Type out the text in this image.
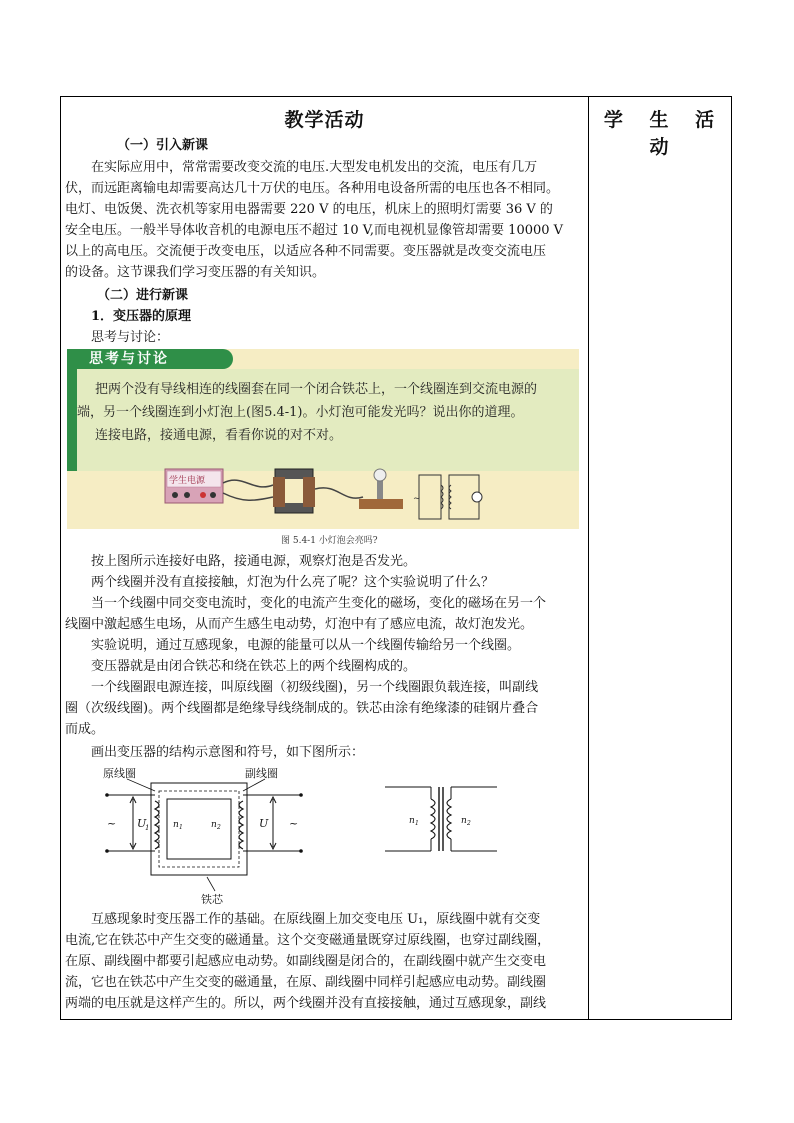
教学活动
（一）引入新课
在实际应用中，常常需要改变交流的电压.大型发电机发出的交流，电压有几万
伏，而远距离输电却需要高达几十万伏的电压。各种用电设备所需的电压也各不相同。
电灯、电饭煲、洗衣机等家用电器需要 220 V 的电压，机床上的照明灯需要 36 V 的
安全电压。一般半导体收音机的电源电压不超过 10 V,而电视机显像管却需要 10000 V
以上的高电压。交流便于改变电压，以适应各种不同需要。变压器就是改变交流电压
的设备。这节课我们学习变压器的有关知识。
（二）进行新课
1．变压器的原理
思考与讨论：
思考与讨论
把两个没有导线相连的线圈套在同一个闭合铁芯上，一个线圈连到交流电源的
端，另一个线圈连到小灯泡上(图5.4-1)。小灯泡可能发光吗？说出你的道理。
连接电路，接通电源，看看你说的对不对。
学生电源
~
图 5.4-1 小灯泡会亮吗?
按上图所示连接好电路，接通电源，观察灯泡是否发光。
两个线圈并没有直接接触，灯泡为什么亮了呢？这个实验说明了什么？
当一个线圈中同交变电流时，变化的电流产生变化的磁场，变化的磁场在另一个
线圈中激起感生电场，从而产生感生电动势，灯泡中有了感应电流，故灯泡发光。
实验说明，通过互感现象，电源的能量可以从一个线圈传输给另一个线圈。
变压器就是由闭合铁芯和绕在铁芯上的两个线圈构成的。
一个线圈跟电源连接，叫原线圈（初级线圈)，另一个线圈跟负载连接，叫副线
圈（次级线圈)。两个线圈都是绝缘导线绕制成的。铁芯由涂有绝缘漆的硅钢片叠合
而成。
画出变压器的结构示意图和符号，如下图所示：
原线圈	副线圈
铁芯
~	~
U
1	U
n 1	n 2
n 1	n 2
互感现象时变压器工作的基础。在原线圈上加交变电压 U₁，原线圈中就有交变
电流,它在铁芯中产生交变的磁通量。这个交变磁通量既穿过原线圈，也穿过副线圈，
在原、副线圈中都要引起感应电动势。如副线圈是闭合的，在副线圈中就产生交变电
流，它也在铁芯中产生交变的磁通量，在原、副线圈中同样引起感应电动势。副线圈
两端的电压就是这样产生的。所以，两个线圈并没有直接接触，通过互感现象，副线
学 生 活 动
